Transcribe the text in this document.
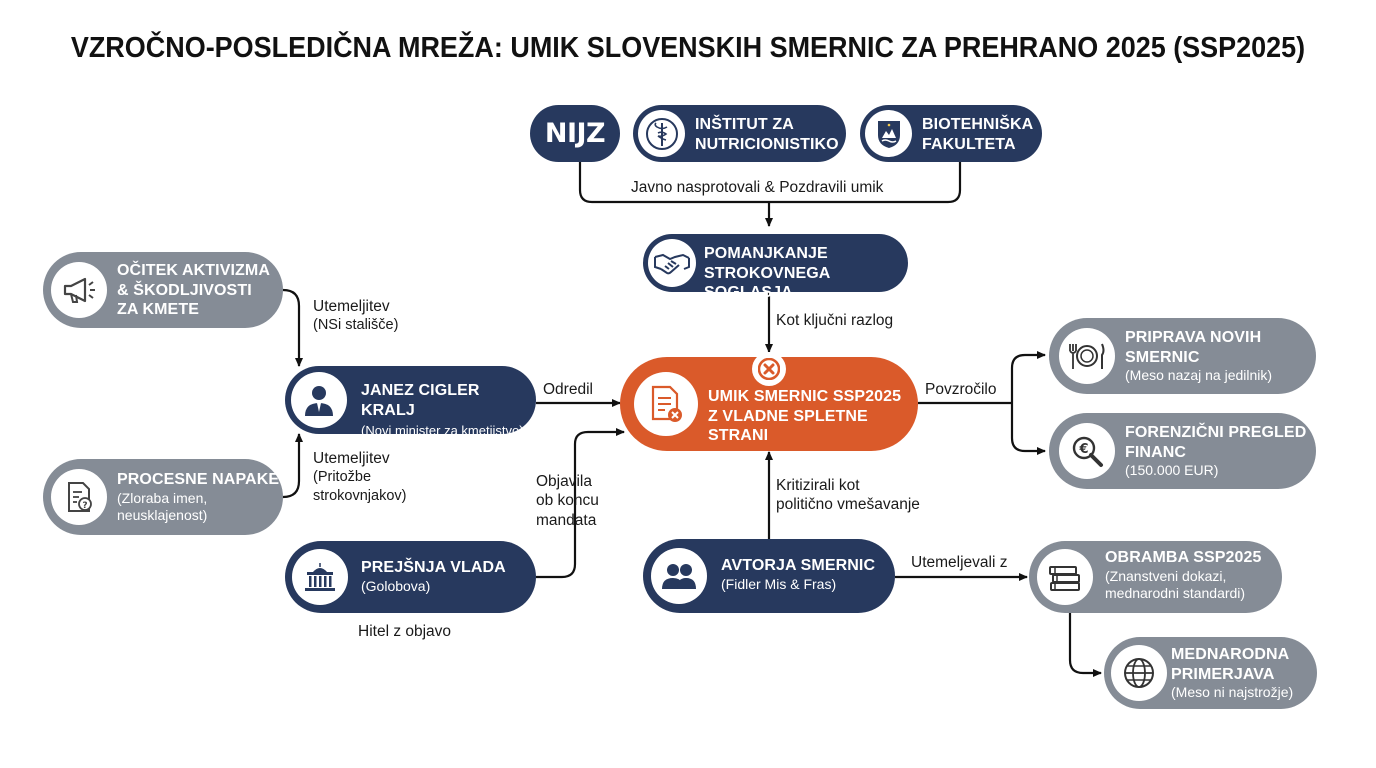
VZROČNO-POSLEDIČNA MREŽA: UMIK SLOVENSKIH SMERNIC ZA PREHRANO 2025 (SSP2025)
NIJZ	INŠTITUT ZA
NUTRICIONISTIKO
BIOTEHNIŠKA
FAKULTETA
POMANJKANJE
STROKOVNEGA SOGLASJA
OČITEK AKTIVIZMA
& ŠKODLJIVOSTI
ZA KMETE
JANEZ CIGLER KRALJ
(Novi minister za kmetijstvo)
?
PROCESNE NAPAKE
(Zloraba imen,
neusklajenost)
PREJŠNJA VLADA
(Golobova)
UMIK SMERNIC SSP2025
Z VLADNE SPLETNE STRANI
AVTORJA SMERNIC
(Fidler Mis & Fras)
PRIPRAVA NOVIH
SMERNIC
(Meso nazaj na jedilnik)
€
FORENZIČNI PREGLED
FINANC
(150.000 EUR)
OBRAMBA SSP2025
(Znanstveni dokazi,
mednarodni standardi)
MEDNARODNA
PRIMERJAVA
(Meso ni najstrožje)
Javno nasprotovali & Pozdravili umik
Kot ključni razlog
Utemeljitev
(NSi stališče)
Utemeljitev
(Pritožbe
strokovnjakov)
Odredil
Objavila
ob koncu
mandata
Hitel z objavo
Kritizirali kot
politično vmešavanje
Povzročilo
Utemeljevali z
